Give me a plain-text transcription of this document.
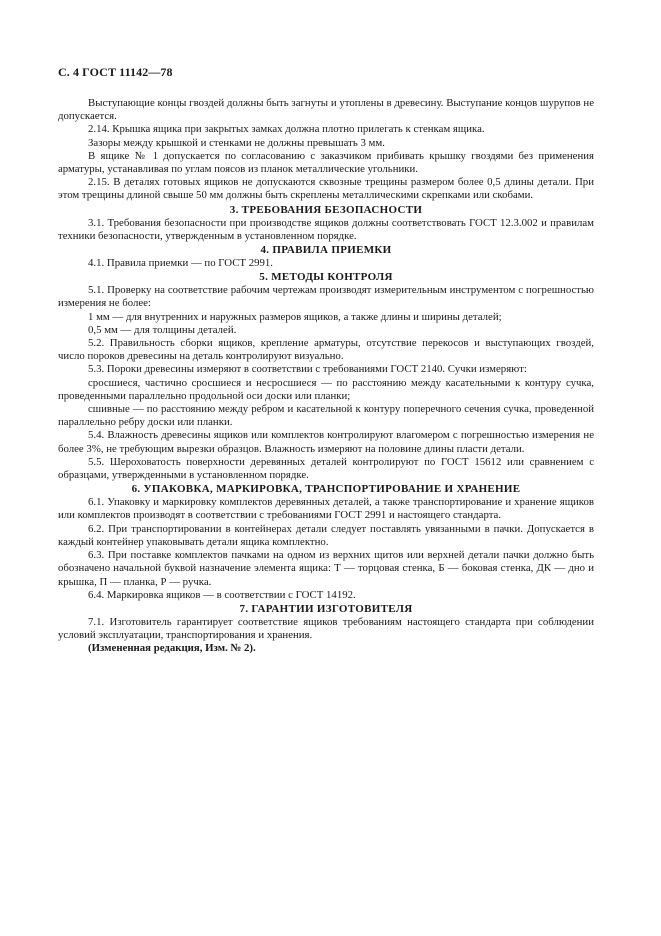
С. 4 ГОСТ 11142—78

Выступающие концы гвоздей должны быть загнуты и утоплены в древесину. Выступание концов шурупов не допускается.

2.14. Крышка ящика при закрытых замках должна плотно прилегать к стенкам ящика.

Зазоры между крышкой и стенками не должны превышать 3 мм.

В ящике № 1 допускается по согласованию с заказчиком прибивать крышку гвоздями без применения арматуры, устанавливая по углам поясов из планок металлические угольники.

2.15. В деталях готовых ящиков не допускаются сквозные трещины размером более 0,5 длины детали. При этом трещины длиной свыше 50 мм должны быть скреплены металлическими скрепками или скобами.

3. ТРЕБОВАНИЯ БЕЗОПАСНОСТИ

3.1. Требования безопасности при производстве ящиков должны соответствовать ГОСТ 12.3.002 и правилам техники безопасности, утвержденным в установленном порядке.

4. ПРАВИЛА ПРИЕМКИ

4.1. Правила приемки — по ГОСТ 2991.

5. МЕТОДЫ КОНТРОЛЯ

5.1. Проверку на соответствие рабочим чертежам производят измерительным инструментом с погрешностью измерения не более:

1 мм — для внутренних и наружных размеров ящиков, а также длины и ширины деталей;

0,5 мм — для толщины деталей.

5.2. Правильность сборки ящиков, крепление арматуры, отсутствие перекосов и выступающих гвоздей, число пороков древесины на деталь контролируют визуально.

5.3. Пороки древесины измеряют в соответствии с требованиями ГОСТ 2140. Сучки измеряют:

сросшиеся, частично сросшиеся и несросшиеся — по расстоянию между касательными к контуру сучка, проведенными параллельно продольной оси доски или планки;

сшивные — по расстоянию между ребром и касательной к контуру поперечного сечения сучка, проведенной параллельно ребру доски или планки.

5.4. Влажность древесины ящиков или комплектов контролируют влагомером с погрешностью измерения не более 3%, не требующим вырезки образцов. Влажность измеряют на половине длины пласти детали.

5.5. Шероховатость поверхности деревянных деталей контролируют по ГОСТ 15612 или сравнением с образцами, утвержденными в установленном порядке.

6. УПАКОВКА, МАРКИРОВКА, ТРАНСПОРТИРОВАНИЕ И ХРАНЕНИЕ

6.1. Упаковку и маркировку комплектов деревянных деталей, а также транспортирование и хранение ящиков или комплектов производят в соответствии с требованиями ГОСТ 2991 и настоящего стандарта.

6.2. При транспортировании в контейнерах детали следует поставлять увязанными в пачки. Допускается в каждый контейнер упаковывать детали ящика комплектно.

6.3. При поставке комплектов пачками на одном из верхних щитов или верхней детали пачки должно быть обозначено начальной буквой назначение элемента ящика: Т — торцовая стенка, Б — боковая стенка, ДК — дно и крышка, П — планка, Р — ручка.

6.4. Маркировка ящиков — в соответствии с ГОСТ 14192.

7. ГАРАНТИИ ИЗГОТОВИТЕЛЯ

7.1. Изготовитель гарантирует соответствие ящиков требованиям настоящего стандарта при соблюдении условий эксплуатации, транспортирования и хранения.

(Измененная редакция, Изм. № 2).
